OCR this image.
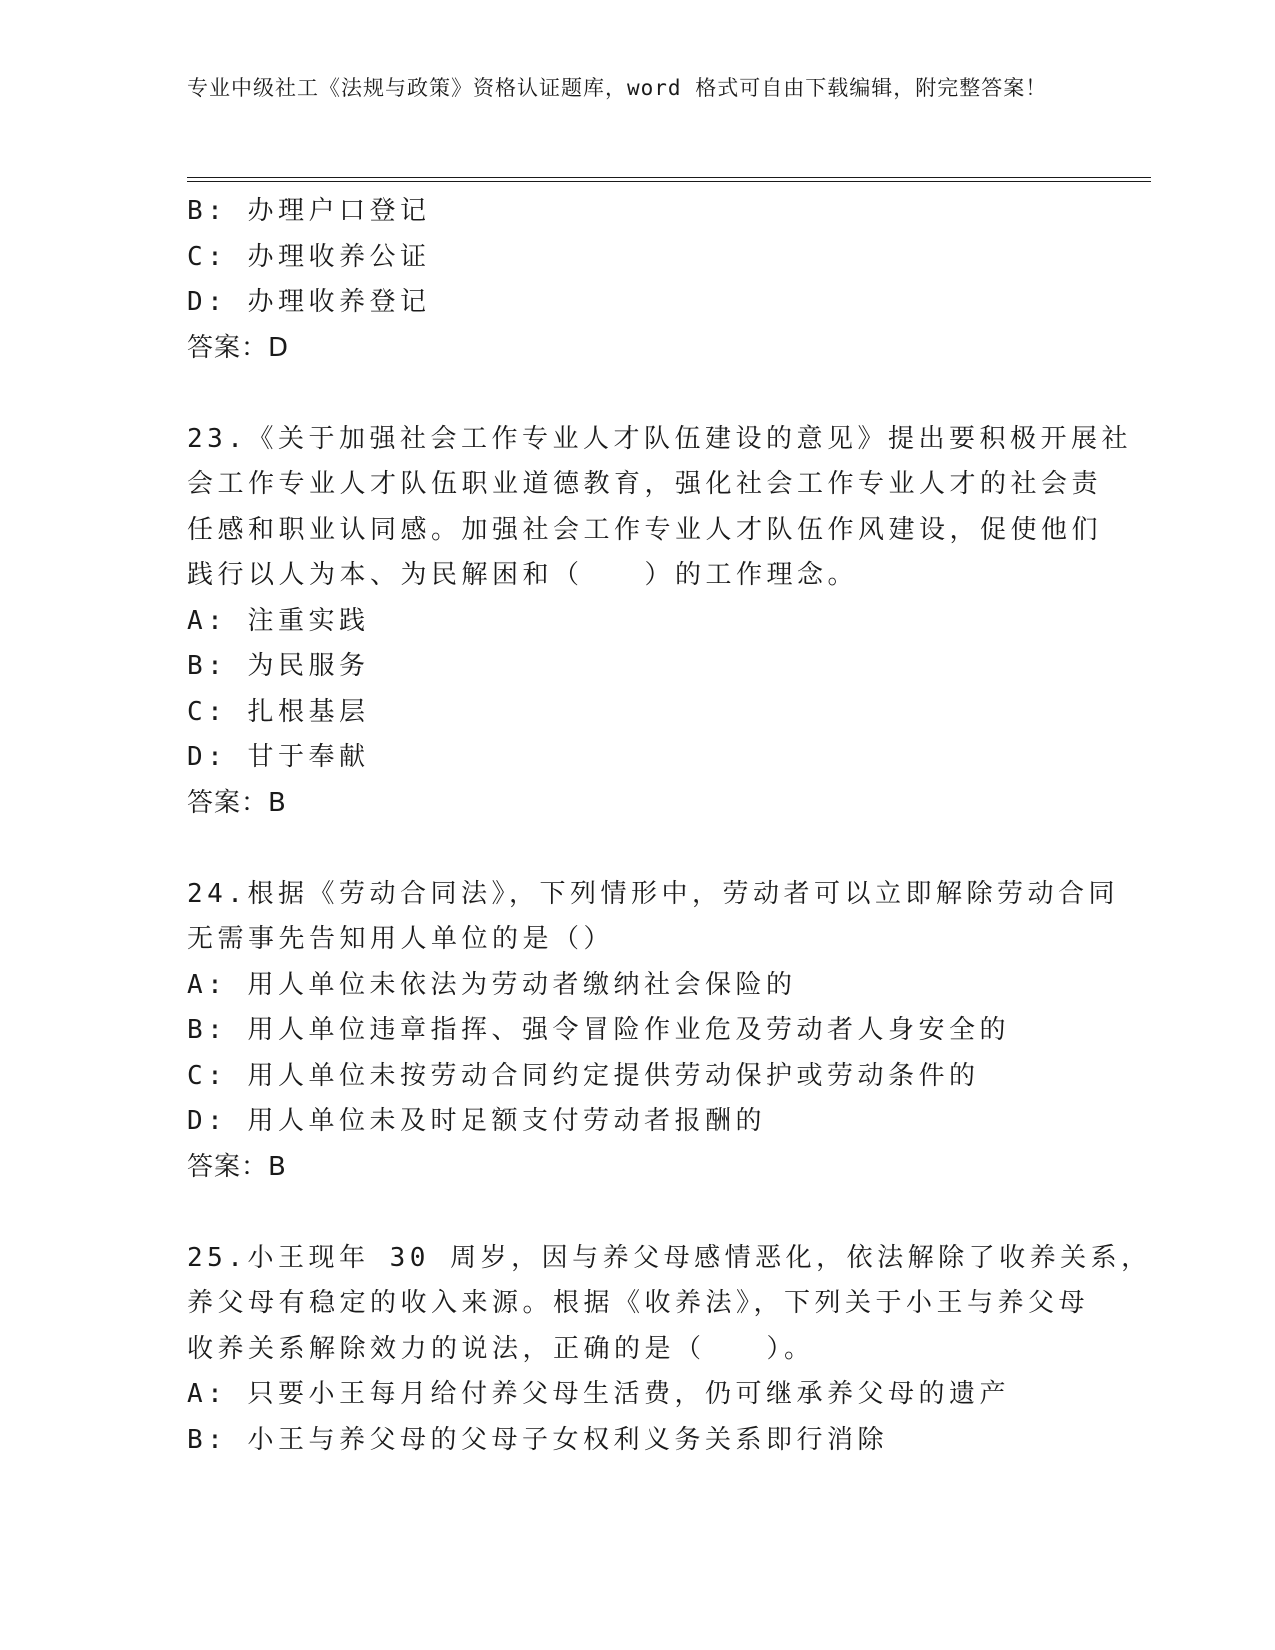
专业中级社工《法规与政策》资格认证题库，word 格式可自由下载编辑，附完整答案！
B: 办理户口登记
C: 办理收养公证
D: 办理收养登记
答案：D
23.《关于加强社会工作专业人才队伍建设的意见》提出要积极开展社
会工作专业人才队伍职业道德教育，强化社会工作专业人才的社会责
任感和职业认同感。加强社会工作专业人才队伍作风建设，促使他们
践行以人为本、为民解困和（　　）的工作理念。
A: 注重实践
B: 为民服务
C: 扎根基层
D: 甘于奉献
答案：B
24.根据《劳动合同法》，下列情形中，劳动者可以立即解除劳动合同
无需事先告知用人单位的是（）
A: 用人单位未依法为劳动者缴纳社会保险的
B: 用人单位违章指挥、强令冒险作业危及劳动者人身安全的
C: 用人单位未按劳动合同约定提供劳动保护或劳动条件的
D: 用人单位未及时足额支付劳动者报酬的
答案：B
25.小王现年 30 周岁，因与养父母感情恶化，依法解除了收养关系，
养父母有稳定的收入来源。根据《收养法》，下列关于小王与养父母
收养关系解除效力的说法，正确的是（　　）。
A: 只要小王每月给付养父母生活费，仍可继承养父母的遗产
B: 小王与养父母的父母子女权利义务关系即行消除
